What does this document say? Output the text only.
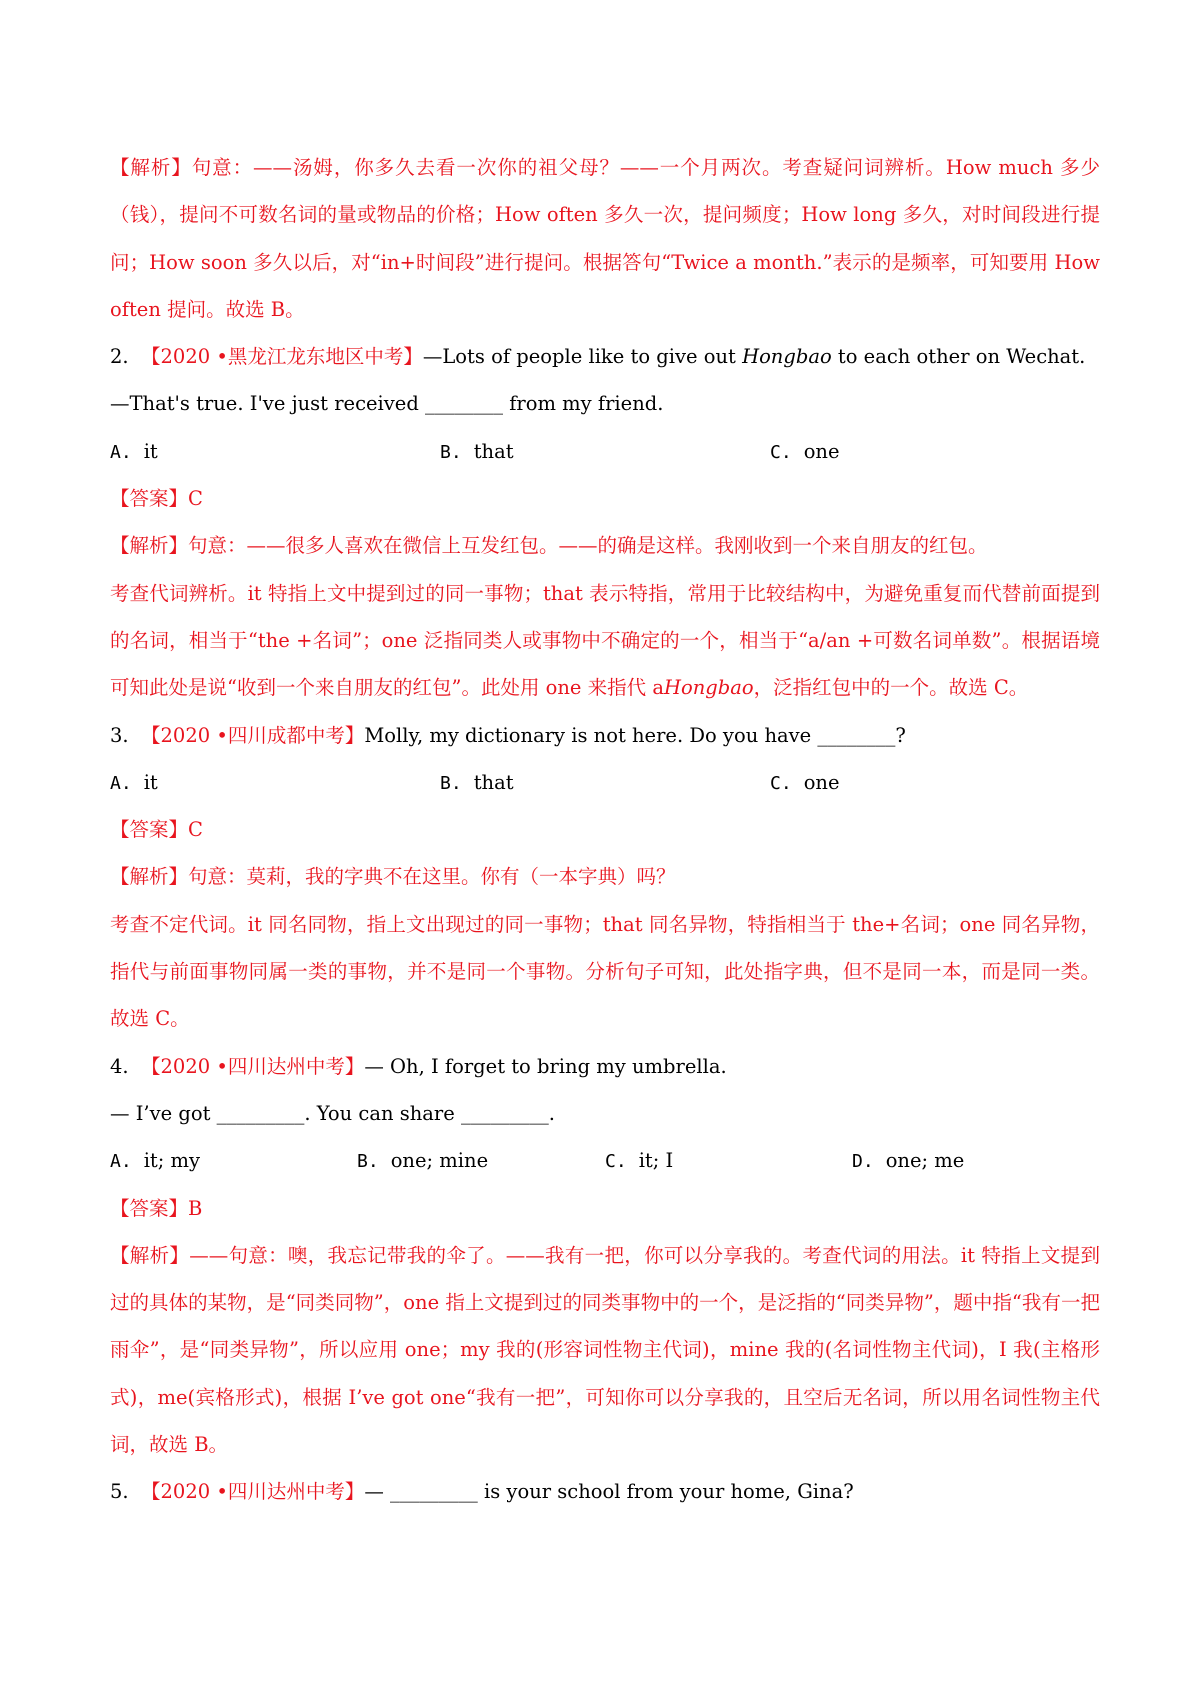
【解析】句意：——汤姆，你多久去看一次你的祖父母？——一个月两次。考查疑问词辨析。How much 多少（钱），提问不可数名词的量或物品的价格；How often 多久一次，提问频度；How long 多久，对时间段进行提问；How soon 多久以后，对“in+时间段”进行提问。根据答句“Twice a month.”表示的是频率，可知要用 How often 提问。故选 B。

2. 【2020 •黑龙江龙东地区中考】—Lots of people like to give out Hongbao to each other on Wechat.

—That's true. I've just received ________ from my friend.

A. it	B. that	C. one

【答案】C

【解析】句意：——很多人喜欢在微信上互发红包。——的确是这样。我刚收到一个来自朋友的红包。

考查代词辨析。it 特指上文中提到过的同一事物；that 表示特指，常用于比较结构中，为避免重复而代替前面提到的名词，相当于“the +名词”；one 泛指同类人或事物中不确定的一个，相当于“a/an +可数名词单数”。根据语境可知此处是说“收到一个来自朋友的红包”。此处用 one 来指代 aHongbao，泛指红包中的一个。故选 C。

3. 【2020 •四川成都中考】Molly, my dictionary is not here. Do you have ________?

A. it	B. that	C. one

【答案】C

【解析】句意：莫莉，我的字典不在这里。你有（一本字典）吗？

考查不定代词。it 同名同物，指上文出现过的同一事物；that 同名异物，特指相当于 the+名词；one 同名异物，指代与前面事物同属一类的事物，并不是同一个事物。分析句子可知，此处指字典，但不是同一本，而是同一类。故选 C。

4. 【2020 •四川达州中考】— Oh, I forget to bring my umbrella.

— I’ve got _________. You can share _________.

A. it; my	B. one; mine	C. it; I	D. one; me

【答案】B

【解析】——句意：噢，我忘记带我的伞了。——我有一把，你可以分享我的。考查代词的用法。it 特指上文提到过的具体的某物，是“同类同物”，one 指上文提到过的同类事物中的一个，是泛指的“同类异物”，题中指“我有一把雨伞”，是“同类异物”，所以应用 one；my 我的(形容词性物主代词)，mine 我的(名词性物主代词)，I 我(主格形式)，me(宾格形式)，根据 I’ve got one“我有一把”，可知你可以分享我的，且空后无名词，所以用名词性物主代词，故选 B。

5. 【2020 •四川达州中考】— _________ is your school from your home, Gina?
